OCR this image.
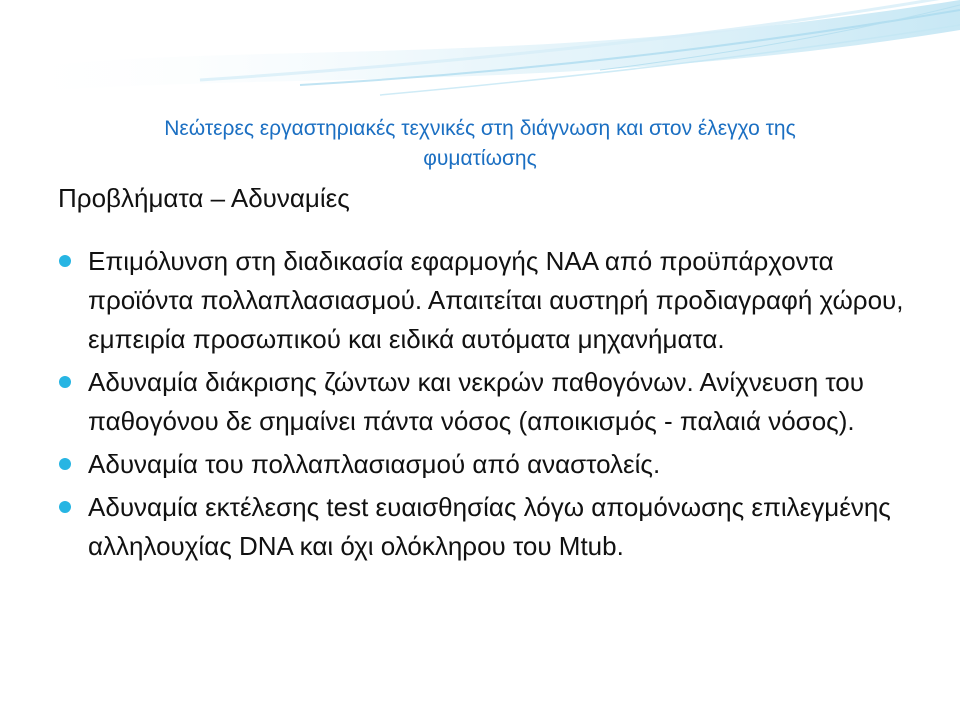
Νεώτερες εργαστηριακές τεχνικές στη διάγνωση και στον έλεγχο της
φυματίωσης
Προβλήματα – Αδυναμίες
Επιμόλυνση στη διαδικασία εφαρμογής ΝΑΑ από προϋπάρχοντα προϊόντα πολλαπλασιασμού. Απαιτείται αυστηρή προδιαγραφή χώρου, εμπειρία προσωπικού και ειδικά αυτόματα μηχανήματα.
Αδυναμία διάκρισης ζώντων και νεκρών παθογόνων. Ανίχνευση του παθογόνου δε σημαίνει πάντα νόσος (αποικισμός - παλαιά νόσος).
Αδυναμία του πολλαπλασιασμού από αναστολείς.
Αδυναμία εκτέλεσης test ευαισθησίας λόγω απομόνωσης επιλεγμένης αλληλουχίας DNA και όχι ολόκληρου του Mtub.
